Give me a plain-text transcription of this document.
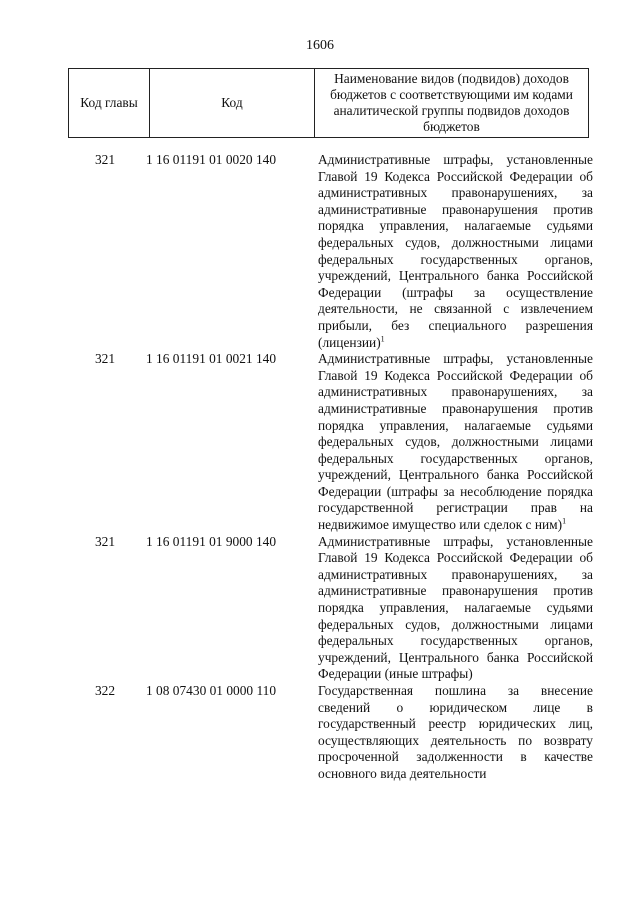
1606
Код главы	Код	Наименование видов (подвидов) доходов бюджетов с соответствующими им кодами аналитической группы подвидов доходов бюджетов
321	1 16 01191 01 0020 140	Административные штрафы, установленные Главой 19 Кодекса Российской Федерации об административных правонарушениях, за административные правонарушения против порядка управления, налагаемые судьями федеральных судов, должностными лицами федеральных государственных органов, учреждений, Центрального банка Российской Федерации (штрафы за осуществление деятельности, не связанной с извлечением прибыли, без специального разрешения (лицензии)$^1$
321	1 16 01191 01 0021 140	Административные штрафы, установленные Главой 19 Кодекса Российской Федерации об административных правонарушениях, за административные правонарушения против порядка управления, налагаемые судьями федеральных судов, должностными лицами федеральных государственных органов, учреждений, Центрального банка Российской Федерации (штрафы за несоблюдение порядка государственной регистрации прав на недвижимое имущество или сделок с ним)$^1$
321	1 16 01191 01 9000 140	Административные штрафы, установленные Главой 19 Кодекса Российской Федерации об административных правонарушениях, за административные правонарушения против порядка управления, налагаемые судьями федеральных судов, должностными лицами федеральных государственных органов, учреждений, Центрального банка Российской Федерации (иные штрафы)
322	1 08 07430 01 0000 110	Государственная пошлина за внесение сведений о юридическом лице в государственный реестр юридических лиц, осуществляющих деятельность по возврату просроченной задолженности в качестве основного вида деятельности
